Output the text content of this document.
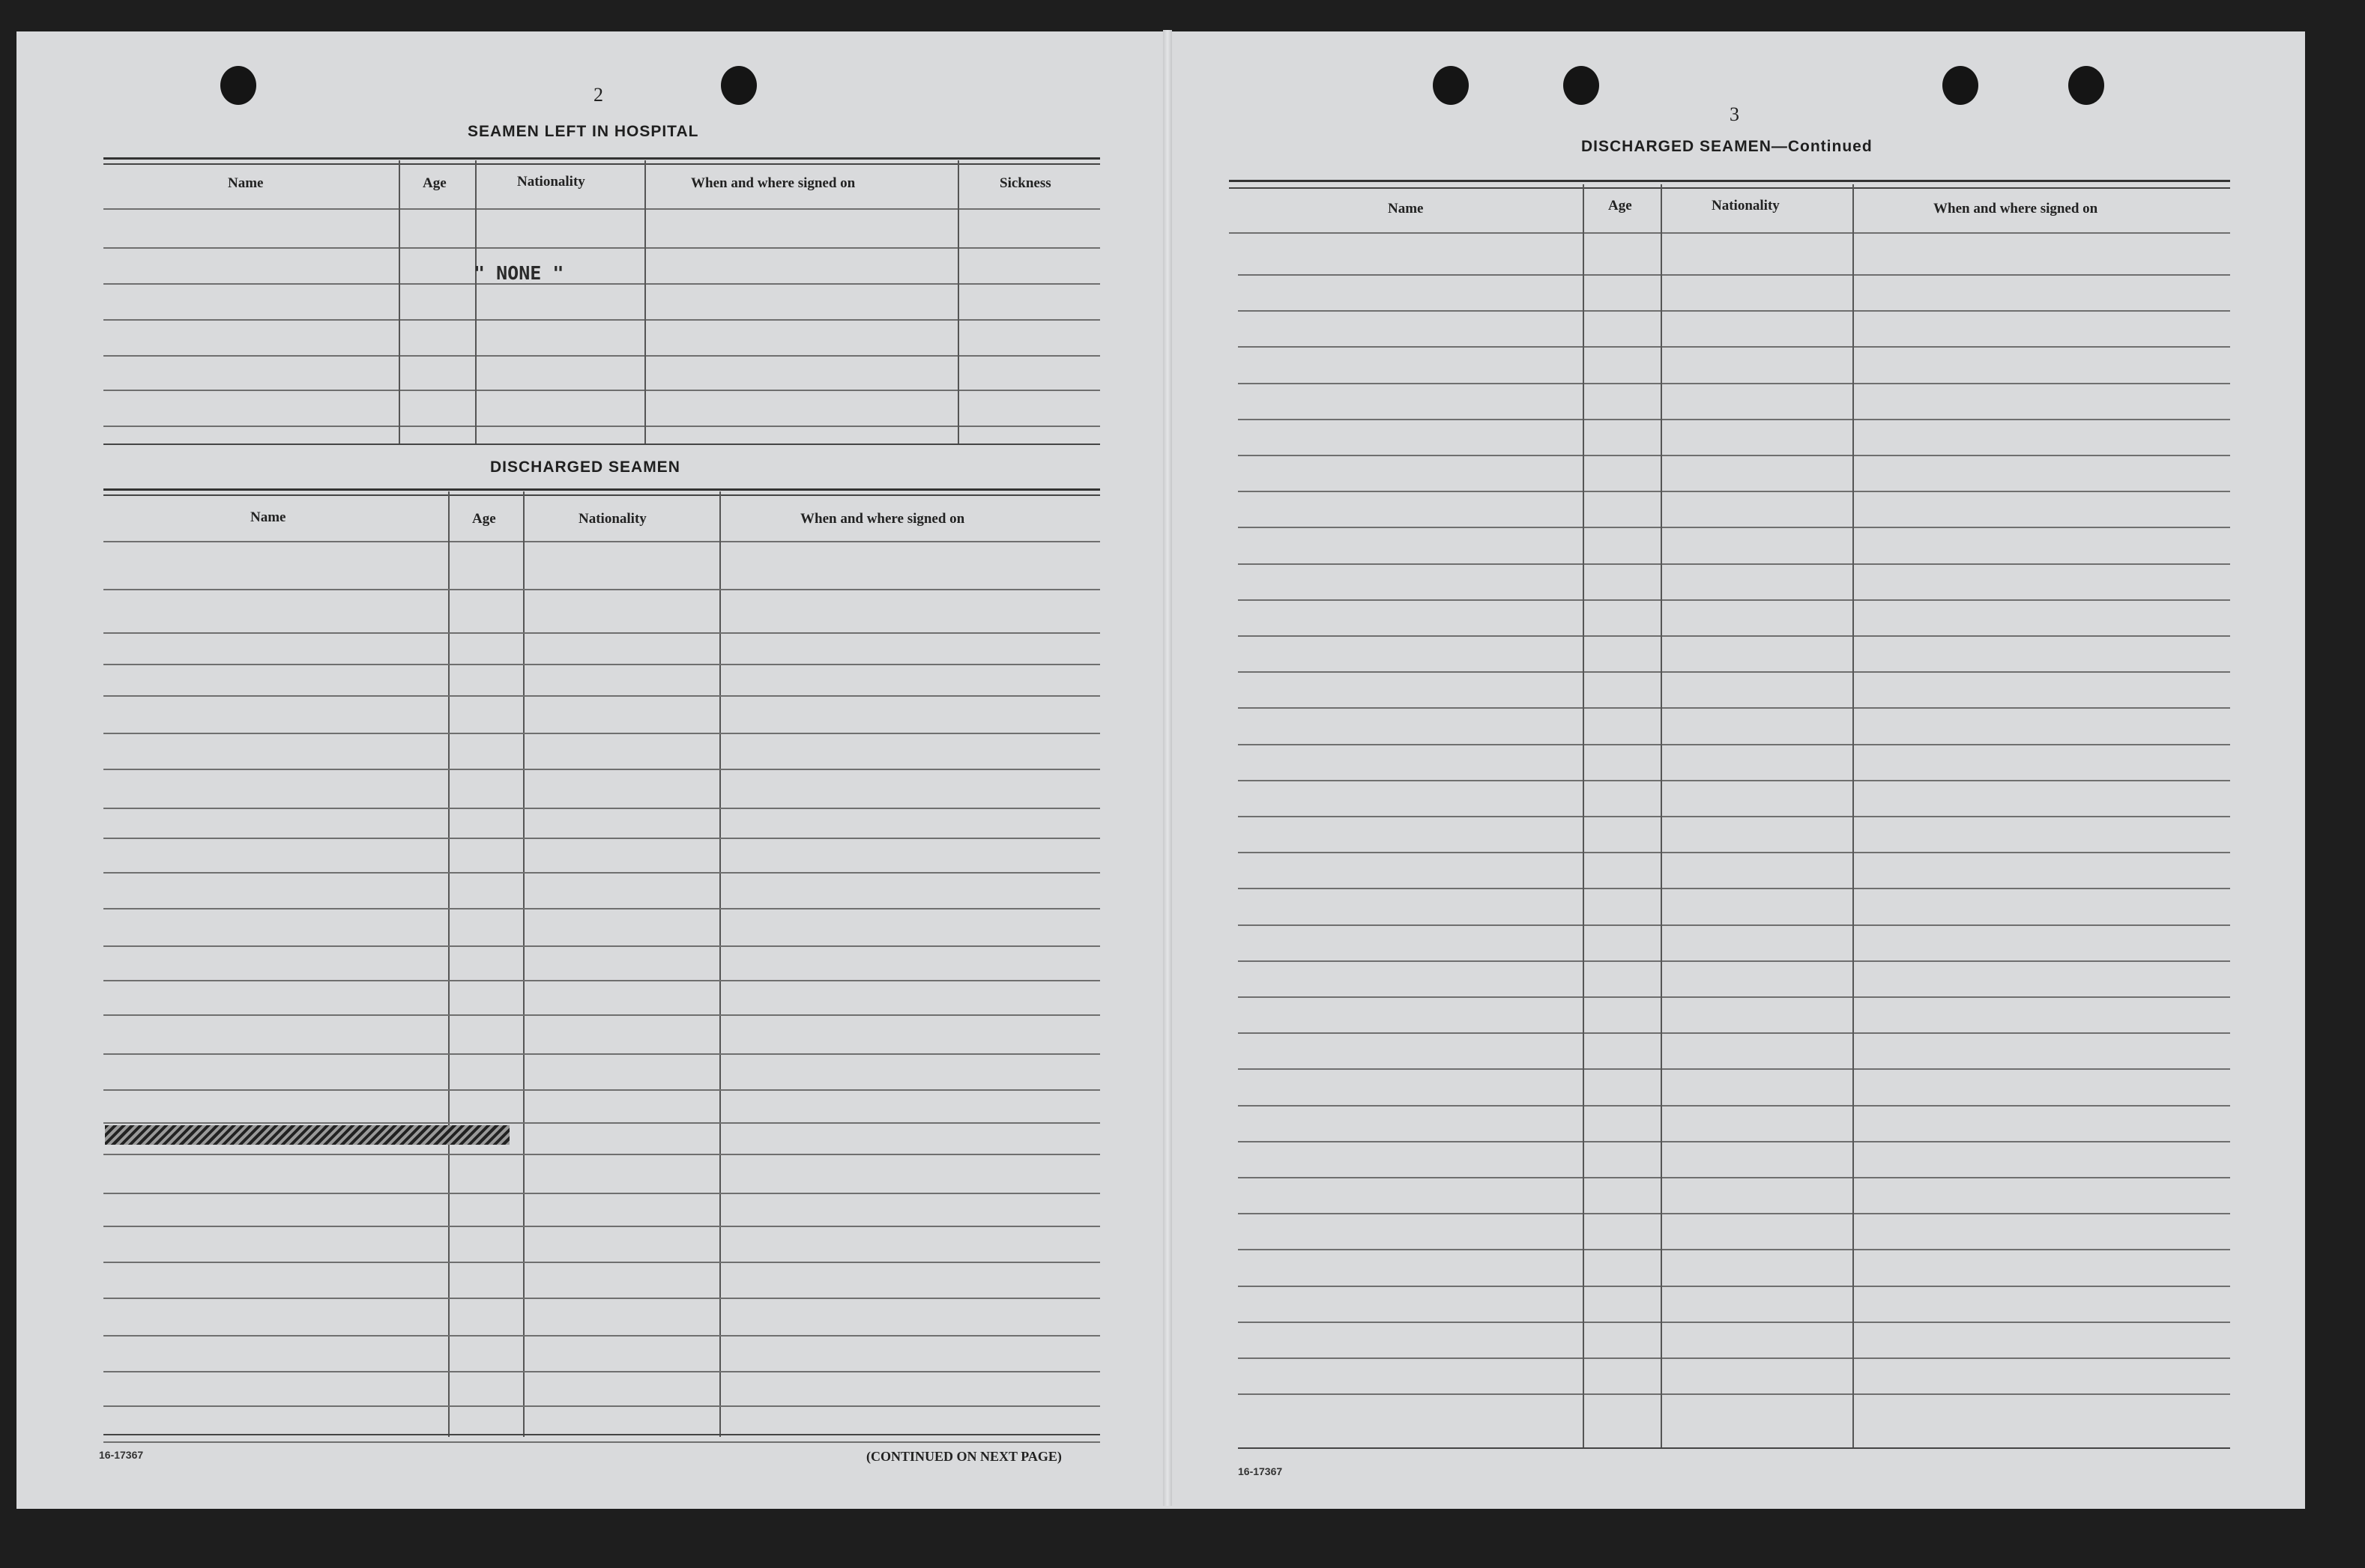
2
SEAMEN LEFT IN HOSPITAL
Name	Age	Nationality	When and where signed on	Sickness
" NONE "
DISCHARGED SEAMEN
Name	Age	Nationality	When and where signed on
16-17367	(CONTINUED ON NEXT PAGE)
3
DISCHARGED SEAMEN—Continued
Name	Age	Nationality	When and where signed on
16-17367
